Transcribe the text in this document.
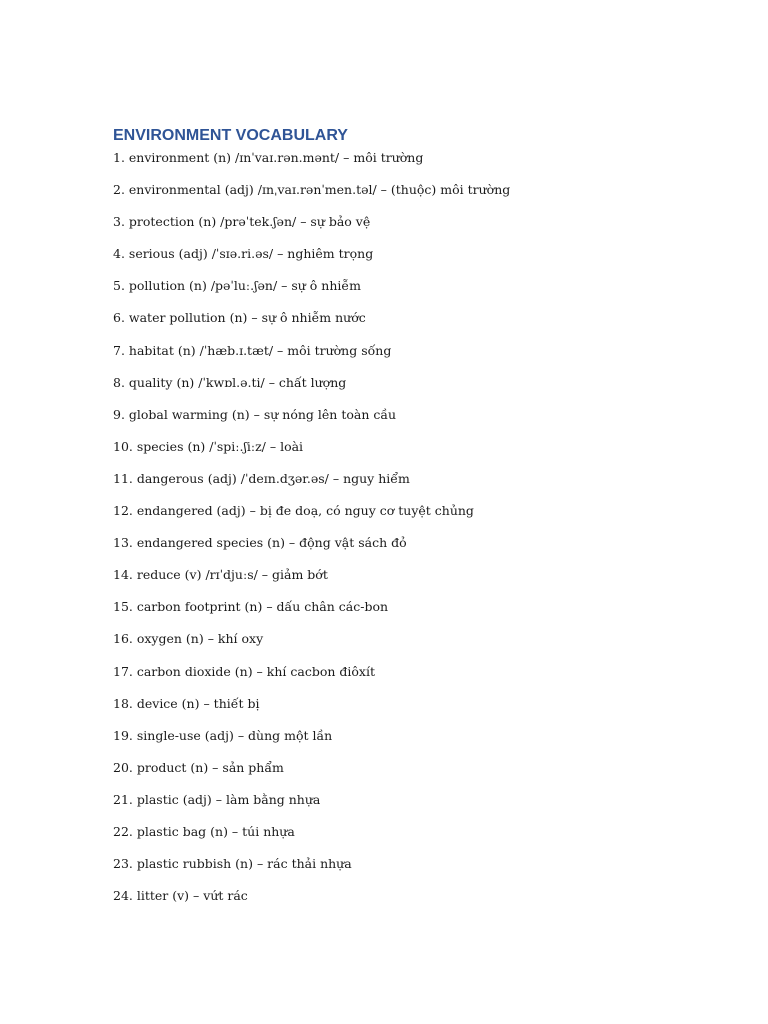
ENVIRONMENT VOCABULARY
1. environment (n) /ɪnˈvaɪ.rən.mənt/ – môi trường
2. environmental (adj) /ɪnˌvaɪ.rənˈmen.təl/ – (thuộc) môi trường
3. protection (n) /prəˈtek.ʃən/ – sự bảo vệ
4. serious (adj) /ˈsɪə.ri.əs/ – nghiêm trọng
5. pollution (n) /pəˈluː.ʃən/ – sự ô nhiễm
6. water pollution (n) – sự ô nhiễm nước
7. habitat (n) /ˈhæb.ɪ.tæt/ – môi trường sống
8. quality (n) /ˈkwɒl.ə.ti/ – chất lượng
9. global warming (n) – sự nóng lên toàn cầu
10. species (n) /ˈspiː.ʃiːz/ – loài
11. dangerous (adj) /ˈdeɪn.dʒər.əs/ – nguy hiểm
12. endangered (adj) – bị đe doạ, có nguy cơ tuyệt chủng
13. endangered species (n) – động vật sách đỏ
14. reduce (v) /rɪˈdjuːs/ – giảm bớt
15. carbon footprint (n) – dấu chân các-bon
16. oxygen (n) – khí oxy
17. carbon dioxide (n) – khí cacbon điôxít
18. device (n) – thiết bị
19. single-use (adj) – dùng một lần
20. product (n) – sản phẩm
21. plastic (adj) – làm bằng nhựa
22. plastic bag (n) – túi nhựa
23. plastic rubbish (n) – rác thải nhựa
24. litter (v) – vứt rác
